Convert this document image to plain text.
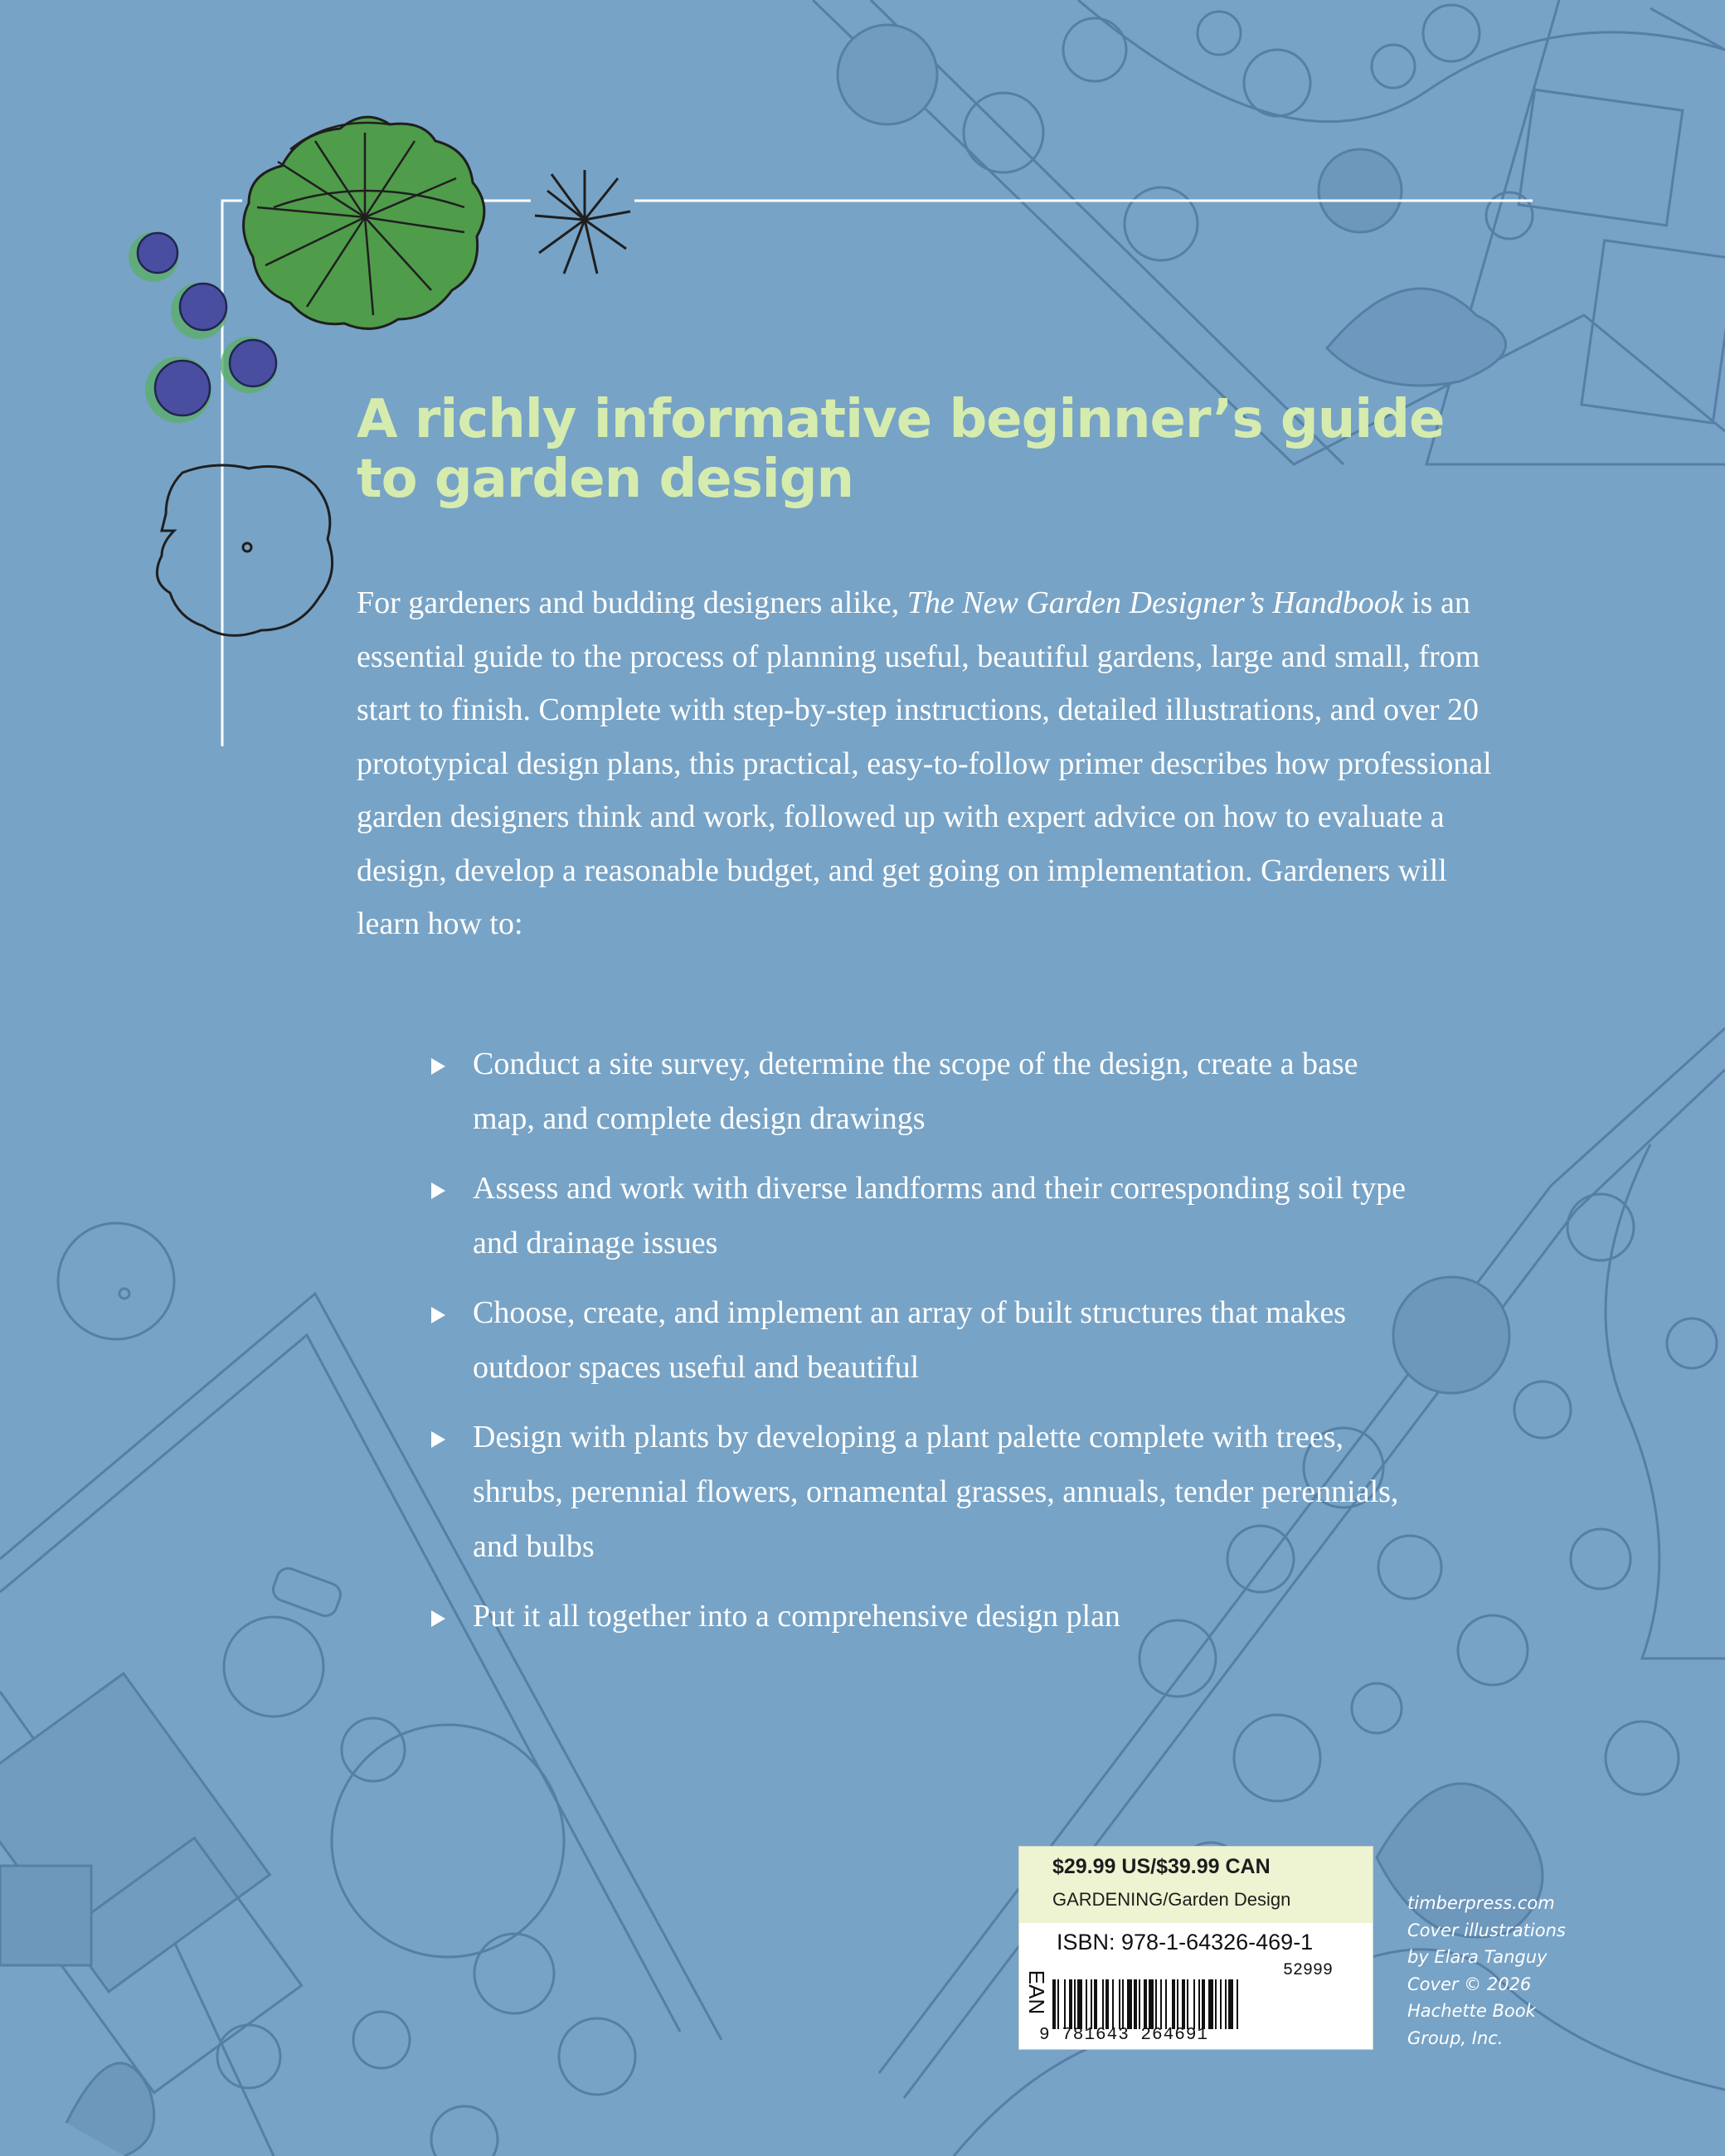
A richly informative beginner’s guide
to garden design

For gardeners and budding designers alike, The New Garden Designer’s Handbook is an essential guide to the process of planning useful, beautiful gardens, large and small, from start to finish. Complete with step-by-step instructions, detailed illustrations, and over 20 prototypical design plans, this practical, easy-to-follow primer describes how professional garden designers think and work, followed up with expert advice on how to evaluate a design, develop a reasonable budget, and get going on implementation. Gardeners will learn how to:

Conduct a site survey, determine the scope of the design, create a base map, and complete design drawings
Assess and work with diverse landforms and their corresponding soil type and drainage issues
Choose, create, and implement an array of built structures that makes outdoor spaces useful and beautiful
Design with plants by developing a plant palette complete with trees, shrubs, perennial flowers, ornamental grasses, annuals, tender perennials, and bulbs
Put it all together into a comprehensive design plan
$29.99 US/$39.99 CAN
GARDENING/Garden Design
ISBN: 978-1-64326-469-1
52999
EAN
9 781643 264691
timberpress.com
Cover illustrations
by Elara Tanguy
Cover © 2026
Hachette Book
Group, Inc.
